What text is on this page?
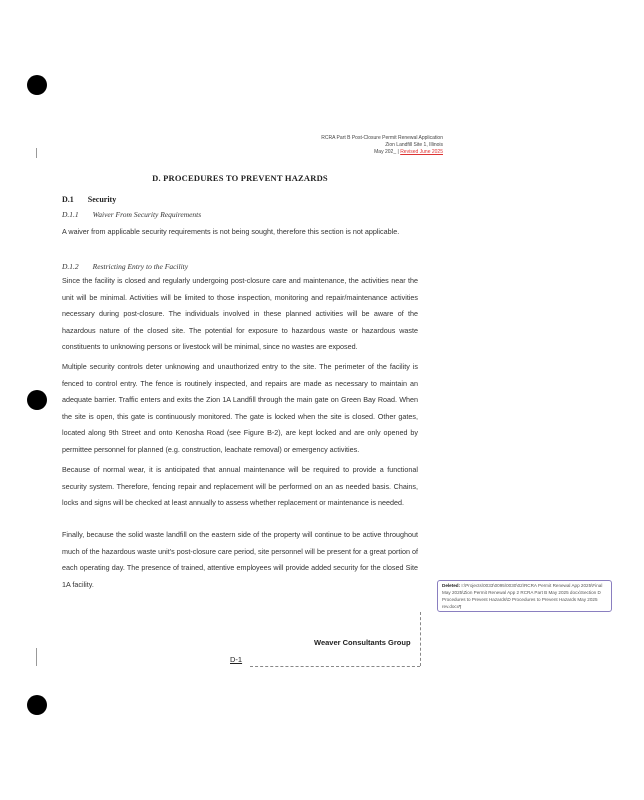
RCRA Part B Post-Closure Permit Renewal Application
Zion Landfill Site 1, Illinois
May 202_ | Revised June 2025
D. PROCEDURES TO PREVENT HAZARDS
D.1 Security
D.1.1 Waiver From Security Requirements
A waiver from applicable security requirements is not being sought, therefore this section is not applicable.
D.1.2 Restricting Entry to the Facility
Since the facility is closed and regularly undergoing post-closure care and maintenance, the activities near the unit will be minimal. Activities will be limited to those inspection, monitoring and repair/maintenance activities necessary during post-closure. The individuals involved in these planned activities will be aware of the hazardous nature of the closed site. The potential for exposure to hazardous waste or hazardous waste constituents to unknowing persons or livestock will be minimal, since no wastes are exposed.
Multiple security controls deter unknowing and unauthorized entry to the site. The perimeter of the facility is fenced to control entry. The fence is routinely inspected, and repairs are made as necessary to maintain an adequate barrier. Traffic enters and exits the Zion 1A Landfill through the main gate on Green Bay Road. When the site is open, this gate is continuously monitored. The gate is locked when the site is closed. Other gates, located along 9th Street and onto Kenosha Road (see Figure B-2), are kept locked and are only opened by permittee personnel for planned (e.g. construction, leachate removal) or emergency activities.
Because of normal wear, it is anticipated that annual maintenance will be required to provide a functional security system. Therefore, fencing repair and replacement will be performed on an as needed basis. Chains, locks and signs will be checked at least annually to assess whether replacement or maintenance is needed.
Finally, because the solid waste landfill on the eastern side of the property will continue to be active throughout much of the hazardous waste unit's post-closure care period, site personnel will be present for a great portion of each operating day. The presence of trained, attentive employees will provide added security for the closed Site 1A facility.
Weaver Consultants Group
D-1
Deleted: I:\Projects\0033\0095\0030\02\RCRA Permit Renewal App 2025\Final May 2025\Zion Permit Renewal App 2 RCRA Part B May 2025 docx\Section D Procedures to Prevent Hazards\D Procedures to Prevent Hazards May 2025 rev.docx¶
